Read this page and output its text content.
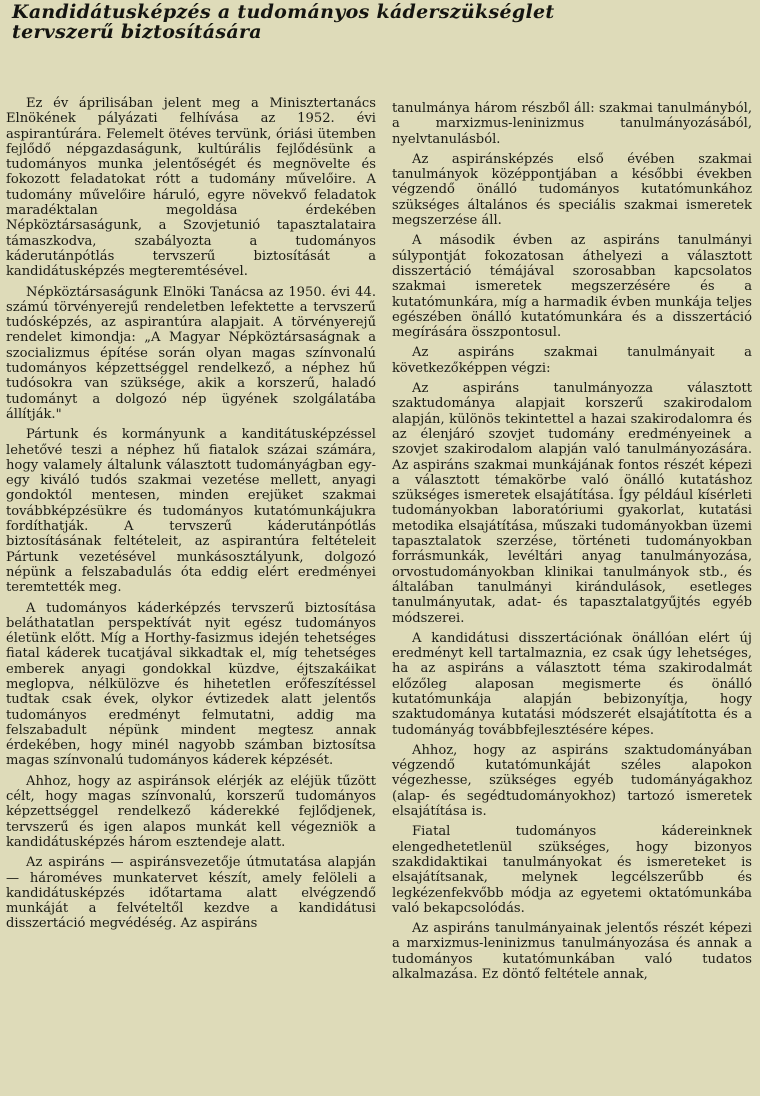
Kandidátusképzés a tudományos káderszükséglet
tervszerű biztosítására

Ez év áprilisában jelent meg a Minisztertanács Elnökének pályázati felhívása az 1952. évi aspirantúrára. Felemelt ötéves tervünk, óriási ütemben fejlődő népgazdaságunk, kultúrális fejlődésünk a tudományos munka jelentőségét és megnövelte és fokozott feladatokat rótt a tudomány művelőire. A tudomány művelőire háruló, egyre növekvő feladatok maradéktalan megoldása érdekében Népköztársaságunk, a Szovjetunió tapasztalataira támaszkodva, szabályozta a tudományos káderutánpótlás tervszerű biztosítását a kandidátusképzés megteremtésével.

Népköztársaságunk Elnöki Tanácsa az 1950. évi 44. számú törvényerejű rendeletben lefektette a tervszerű tudósképzés, az aspirantúra alapjait. A törvényerejű rendelet kimondja: „A Magyar Népköztársaságnak a szocializmus építése során olyan magas színvonalú tudományos képzettséggel rendelkező, a néphez hű tudósokra van szüksége, akik a korszerű, haladó tudományt a dolgozó nép ügyének szolgálatába állítják."

Pártunk és kormányunk a kanditátusképzéssel lehetővé teszi a néphez hű fiatalok százai számára, hogy valamely általunk választott tudományágban egy-egy kiváló tudós szakmai vezetése mellett, anyagi gondoktól mentesen, minden erejüket szakmai továbbképzésükre és tudományos kutatómunkájukra fordíthatják. A tervszerű káderutánpótlás biztosításának feltételeit, az aspirantúra feltételeit Pártunk vezetésével munkásosztályunk, dolgozó népünk a felszabadulás óta eddig elért eredményei teremtették meg.

A tudományos káderképzés tervszerű biztosítása beláthatatlan perspektívát nyit egész tudományos életünk előtt. Míg a Horthy-fasizmus idején tehetséges fiatal káderek tucatjával sikkadtak el, míg tehetséges emberek anyagi gondokkal küzdve, éjtszakáikat meglopva, nélkülözve és hihetetlen erőfeszítéssel tudtak csak évek, olykor évtizedek alatt jelentős tudományos eredményt felmutatni, addig ma felszabadult népünk mindent megtesz annak érdekében, hogy minél nagyobb számban biztosítsa magas színvonalú tudományos káderek képzését.

Ahhoz, hogy az aspiránsok elérjék az eléjük tűzött célt, hogy magas színvonalú, korszerű tudományos képzettséggel rendelkező káderekké fejlődjenek, tervszerű és igen alapos munkát kell végezniök a kandidátusképzés három esztendeje alatt.

Az aspiráns — aspiránsvezetője útmutatása alapján — hároméves munkatervet készít, amely felöleli a kandidátusképzés időtartama alatt elvégzendő munkáját a felvételtől kezdve a kandidátusi disszertáció megvédéség. Az aspiráns

tanulmánya három részből áll: szakmai tanulmányból, a marxizmus-leninizmus tanulmányozásából, nyelvtanulásból.

Az aspiránsképzés első évében szakmai tanulmányok középpontjában a későbbi években végzendő önálló tudományos kutatómunkához szükséges általános és speciális szakmai ismeretek megszerzése áll.

A második évben az aspiráns tanulmányi súlypontját fokozatosan áthelyezi a választott disszertáció témájával szorosabban kapcsolatos szakmai ismeretek megszerzésére és a kutatómunkára, míg a harmadik évben munkája teljes egészében önálló kutatómunkára és a disszertáció megírására összpontosul.

Az aspiráns szakmai tanulmányait a következőképpen végzi:

Az aspiráns tanulmányozza választott szaktudománya alapjait korszerű szakirodalom alapján, különös tekintettel a hazai szakirodalomra és az élenjáró szovjet tudomány eredményeinek a szovjet szakirodalom alapján való tanulmányozására. Az aspiráns szakmai munkájának fontos részét képezi a választott témakörbe való önálló kutatáshoz szükséges ismeretek elsajátítása. Így például kísérleti tudományokban laboratóriumi gyakorlat, kutatási metodika elsajátítása, műszaki tudományokban üzemi tapasztalatok szerzése, történeti tudományokban forrásmunkák, levéltári anyag tanulmányozása, orvostudományokban klinikai tanulmányok stb., és általában tanulmányi kirándulások, esetleges tanulmányutak, adat- és tapasztalatgyűjtés egyéb módszerei.

A kandidátusi disszertációnak önállóan elért új eredményt kell tartalmaznia, ez csak úgy lehetséges, ha az aspiráns a választott téma szakirodalmát előzőleg alaposan megismerte és önálló kutatómunkája alapján bebizonyítja, hogy szaktudománya kutatási módszerét elsajátította és a tudományág továbbfejlesztésére képes.

Ahhoz, hogy az aspiráns szaktudományában végzendő kutatómunkáját széles alapokon végezhesse, szükséges egyéb tudományágakhoz (alap- és segédtudományokhoz) tartozó ismeretek elsajátítása is.

Fiatal tudományos kádereinknek elengedhetetlenül szükséges, hogy bizonyos szakdidaktikai tanulmányokat és ismereteket is elsajátítsanak, melynek legcélszerűbb és legkézenfekvőbb módja az egyetemi oktatómunkába való bekapcsolódás.

Az aspiráns tanulmányainak jelentős részét képezi a marxizmus-leninizmus tanulmányozása és annak a tudományos kutatómunkában való tudatos alkalmazása. Ez döntő feltétele annak,
